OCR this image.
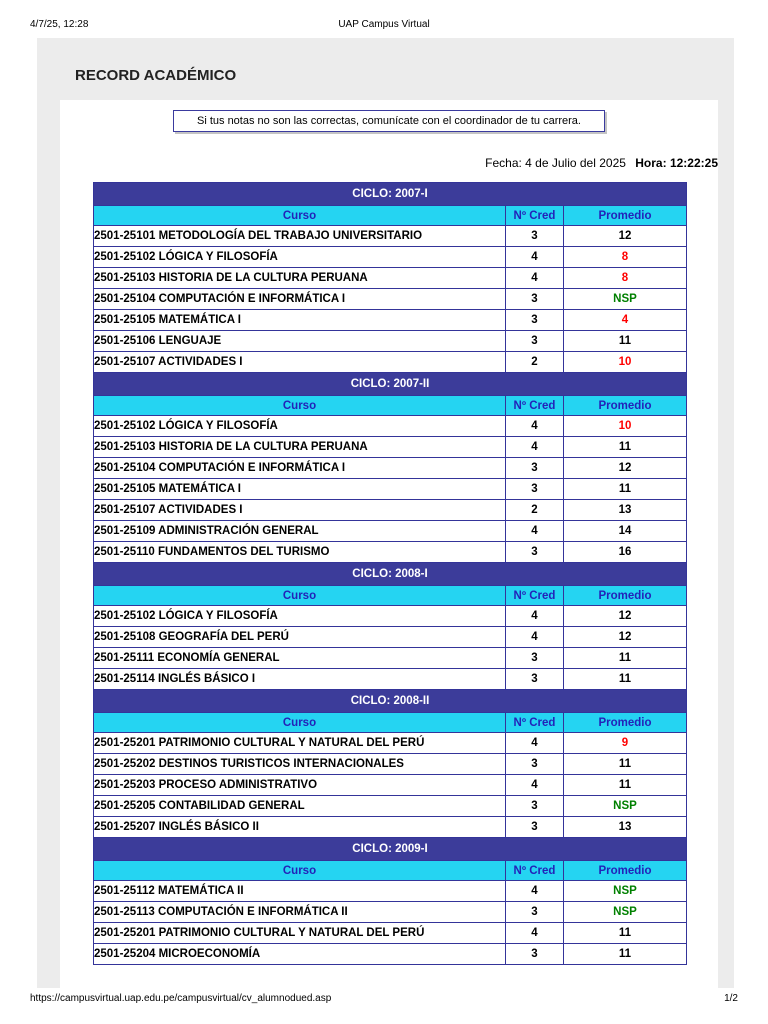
4/7/25, 12:28	UAP Campus Virtual
RECORD ACADÉMICO
Si tus notas no son las correctas, comunícate con el coordinador de tu carrera.
Fecha: 4 de Julio del 2025 Hora: 12:22:25
CICLO: 2007-I		
Curso	Nº Cred	Promedio
2501-25101 METODOLOGÍA DEL TRABAJO UNIVERSITARIO	3	12
2501-25102 LÓGICA Y FILOSOFÍA	4	8
2501-25103 HISTORIA DE LA CULTURA PERUANA	4	8
2501-25104 COMPUTACIÓN E INFORMÁTICA I	3	NSP
2501-25105 MATEMÁTICA I	3	4
2501-25106 LENGUAJE	3	11
2501-25107 ACTIVIDADES I	2	10
CICLO: 2007-II		
Curso	Nº Cred	Promedio
2501-25102 LÓGICA Y FILOSOFÍA	4	10
2501-25103 HISTORIA DE LA CULTURA PERUANA	4	11
2501-25104 COMPUTACIÓN E INFORMÁTICA I	3	12
2501-25105 MATEMÁTICA I	3	11
2501-25107 ACTIVIDADES I	2	13
2501-25109 ADMINISTRACIÓN GENERAL	4	14
2501-25110 FUNDAMENTOS DEL TURISMO	3	16
CICLO: 2008-I		
Curso	Nº Cred	Promedio
2501-25102 LÓGICA Y FILOSOFÍA	4	12
2501-25108 GEOGRAFÍA DEL PERÚ	4	12
2501-25111 ECONOMÍA GENERAL	3	11
2501-25114 INGLÉS BÁSICO I	3	11
CICLO: 2008-II		
Curso	Nº Cred	Promedio
2501-25201 PATRIMONIO CULTURAL Y NATURAL DEL PERÚ	4	9
2501-25202 DESTINOS TURISTICOS INTERNACIONALES	3	11
2501-25203 PROCESO ADMINISTRATIVO	4	11
2501-25205 CONTABILIDAD GENERAL	3	NSP
2501-25207 INGLÉS BÁSICO II	3	13
CICLO: 2009-I		
Curso	Nº Cred	Promedio
2501-25112 MATEMÁTICA II	4	NSP
2501-25113 COMPUTACIÓN E INFORMÁTICA II	3	NSP
2501-25201 PATRIMONIO CULTURAL Y NATURAL DEL PERÚ	4	11
2501-25204 MICROECONOMÍA	3	11
https://campusvirtual.uap.edu.pe/campusvirtual/cv_alumnodued.asp	1/2
